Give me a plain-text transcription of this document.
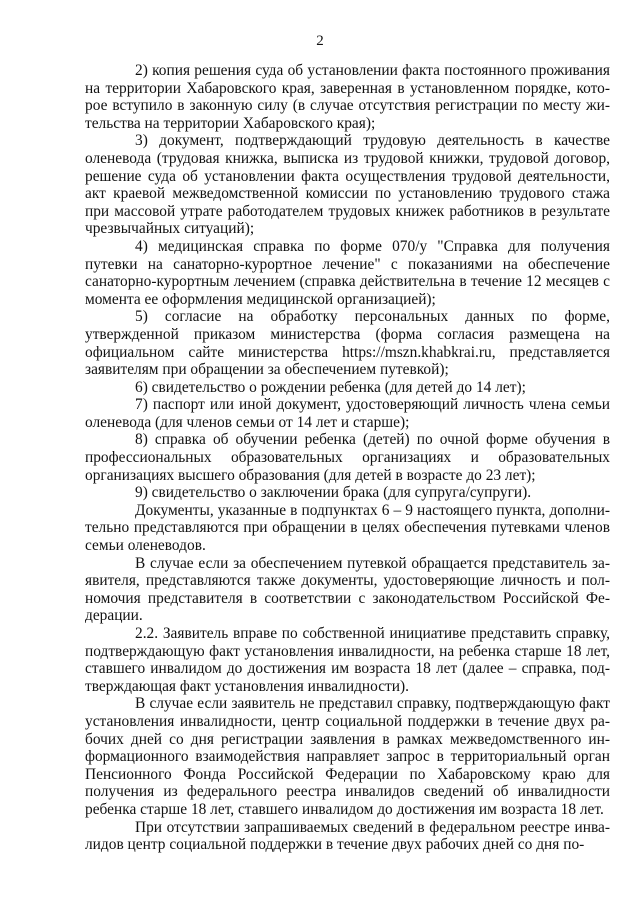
2

2) копия решения суда об установлении факта постоянного проживания на территории Хабаровского края, заверенная в установленном порядке, которое вступило в законную силу (в случае отсутствия регистрации по месту жительства на территории Хабаровского края);

3) документ, подтверждающий трудовую деятельность в качестве оленевода (трудовая книжка, выписка из трудовой книжки, трудовой договор, решение суда об установлении факта осуществления трудовой деятельности, акт краевой межведомственной комиссии по установлению трудового стажа при массовой утрате работодателем трудовых книжек работников в результате чрезвычайных ситуаций);

4) медицинская справка по форме 070/у "Справка для получения путевки на санаторно-курортное лечение" с показаниями на обеспечение санаторно-курортным лечением (справка действительна в течение 12 месяцев с момента ее оформления медицинской организацией);

5) согласие на обработку персональных данных по форме, утвержденной приказом министерства (форма согласия размещена на официальном сайте министерства https://mszn.khabkrai.ru, представляется заявителям при обращении за обеспечением путевкой);

6) свидетельство о рождении ребенка (для детей до 14 лет);

7) паспорт или иной документ, удостоверяющий личность члена семьи оленевода (для членов семьи от 14 лет и старше);

8) справка об обучении ребенка (детей) по очной форме обучения в профессиональных образовательных организациях и образовательных организациях высшего образования (для детей в возрасте до 23 лет);

9) свидетельство о заключении брака (для супруга/супруги).

Документы, указанные в подпунктах 6 – 9 настоящего пункта, дополнительно представляются при обращении в целях обеспечения путевками членов семьи оленеводов.

В случае если за обеспечением путевкой обращается представитель заявителя, представляются также документы, удостоверяющие личность и полномочия представителя в соответствии с законодательством Российской Федерации.

2.2. Заявитель вправе по собственной инициативе представить справку, подтверждающую факт установления инвалидности, на ребенка старше 18 лет, ставшего инвалидом до достижения им возраста 18 лет (далее – справка, подтверждающая факт установления инвалидности).

В случае если заявитель не представил справку, подтверждающую факт установления инвалидности, центр социальной поддержки в течение двух рабочих дней со дня регистрации заявления в рамках межведомственного информационного взаимодействия направляет запрос в территориальный орган Пенсионного Фонда Российской Федерации по Хабаровскому краю для получения из федерального реестра инвалидов сведений об инвалидности ребенка старше 18 лет, ставшего инвалидом до достижения им возраста 18 лет.

При отсутствии запрашиваемых сведений в федеральном реестре инвалидов центр социальной поддержки в течение двух рабочих дней со дня по-
